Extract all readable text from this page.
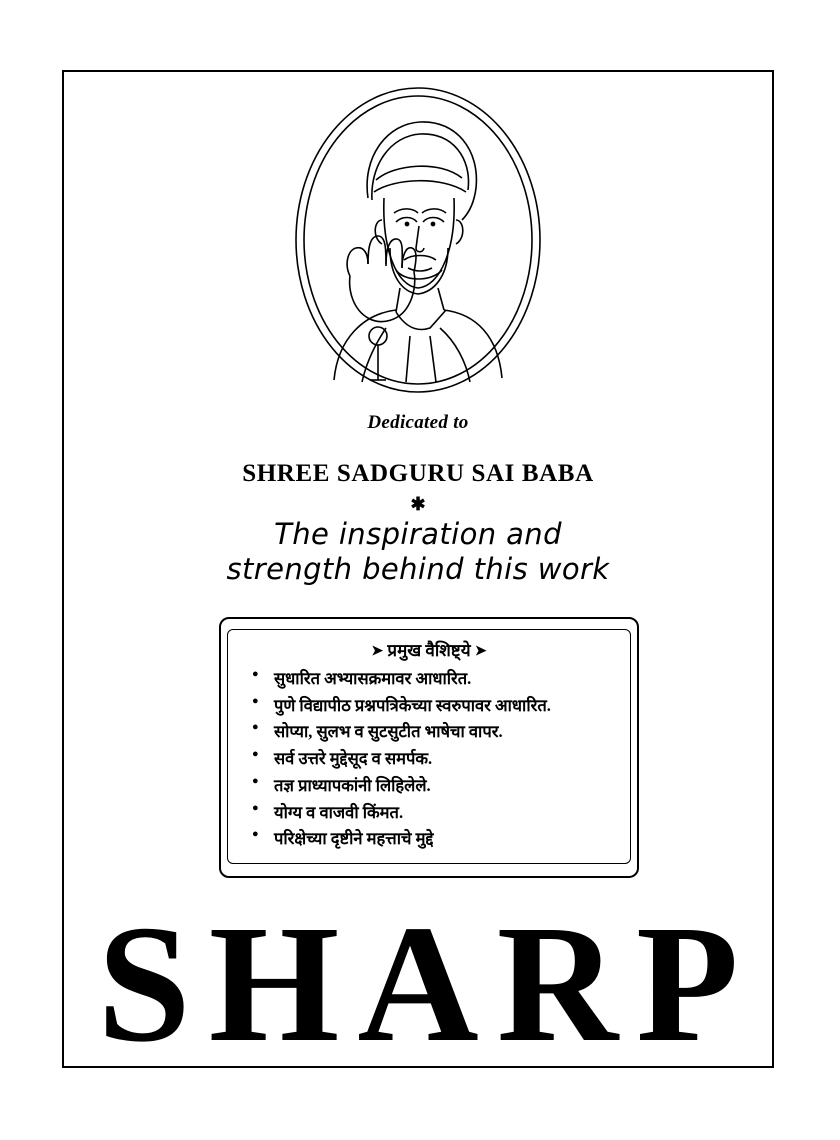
Dedicated to
SHREE SADGURU SAI BABA
✱
The inspiration and
strength behind this work
➤ प्रमुख वैशिष्ट्ये ➤
● सुधारित अभ्यासक्रमावर आधारित.
● पुणे विद्यापीठ प्रश्नपत्रिकेच्या स्वरुपावर आधारित.
● सोप्या, सुलभ व सुटसुटीत भाषेचा वापर.
● सर्व उत्तरे मुद्देसूद व समर्पक.
● तज्ञ प्राध्यापकांनी लिहिलेले.
● योग्य व वाजवी किंमत.
● परिक्षेच्या दृष्टीने महत्ताचे मुद्दे
SHARP
